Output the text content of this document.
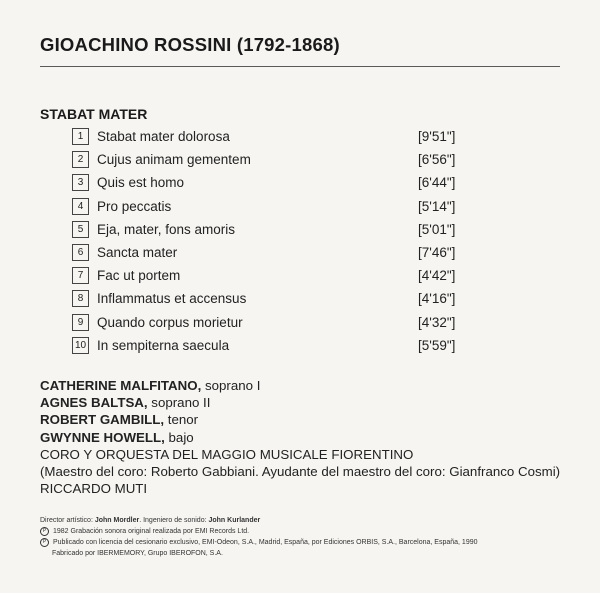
GIOACHINO ROSSINI (1792-1868)
STABAT MATER
1	Stabat mater dolorosa	[9'51"]
2	Cujus animam gementem	[6'56"]
3	Quis est homo	[6'44"]
4	Pro peccatis	[5'14"]
5	Eja, mater, fons amoris	[5'01"]
6	Sancta mater	[7'46"]
7	Fac ut portem	[4'42"]
8	Inflammatus et accensus	[4'16"]
9	Quando corpus morietur	[4'32"]
10 In sempiterna saecula	[5'59"]
CATHERINE MALFITANO, soprano I
AGNES BALTSA, soprano II
ROBERT GAMBILL, tenor
GWYNNE HOWELL, bajo
CORO Y ORQUESTA DEL MAGGIO MUSICALE FIORENTINO
(Maestro del coro: Roberto Gabbiani. Ayudante del maestro del coro: Gianfranco Cosmi)
RICCARDO MUTI
Director artístico: John Mordler. Ingeniero de sonido: John Kurlander
P 1982 Grabación sonora original realizada por EMI Records Ltd.
P Publicado con licencia del cesionario exclusivo, EMI-Odeon, S.A., Madrid, España, por Ediciones ORBIS, S.A., Barcelona, España, 1990
Fabricado por IBERMEMORY, Grupo IBEROFON, S.A.
